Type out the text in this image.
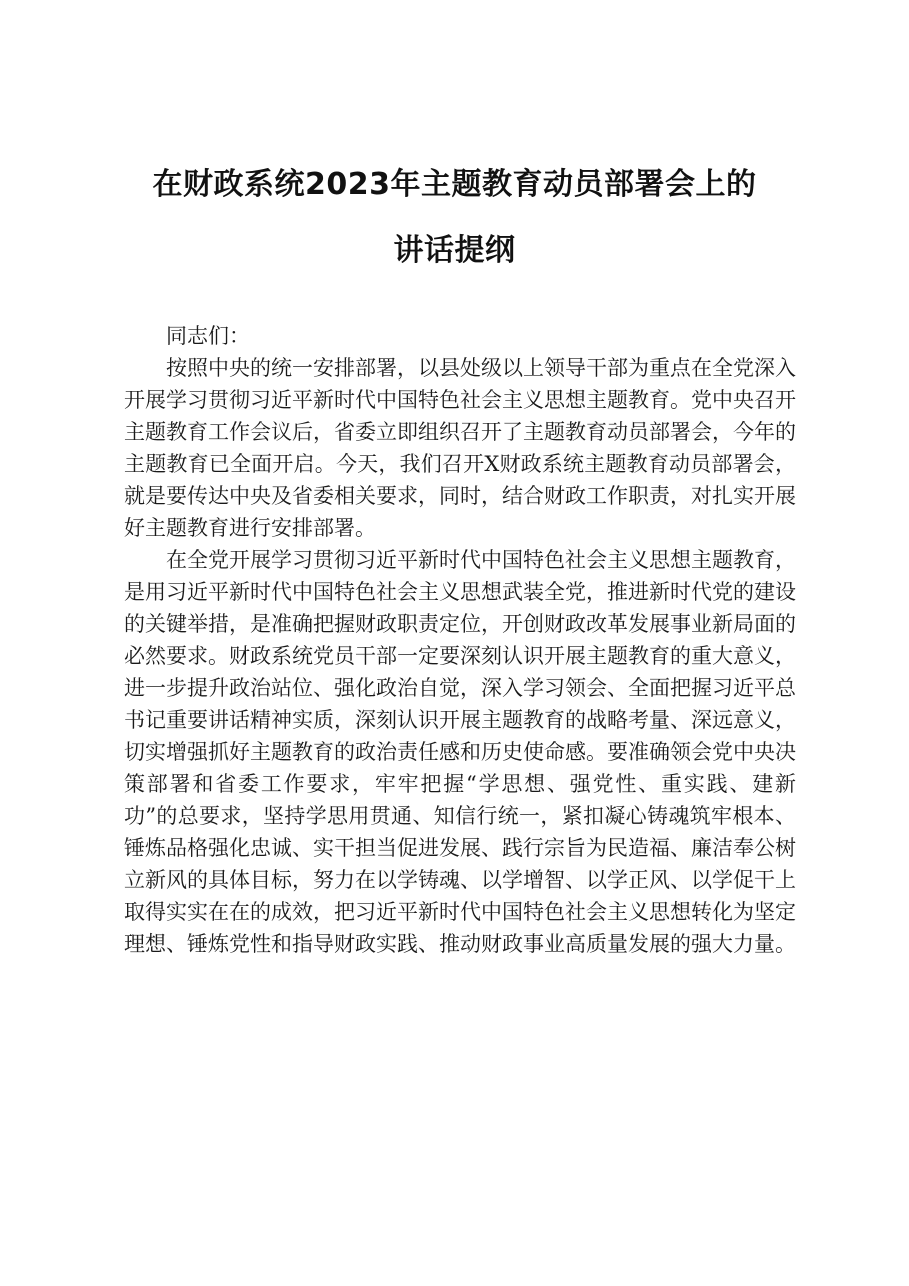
在财政系统2023年主题教育动员部署会上的
讲话提纲

同志们：

按照中央的统一安排部署，以县处级以上领导干部为重点在全党深入开展学习贯彻习近平新时代中国特色社会主义思想主题教育。党中央召开主题教育工作会议后，省委立即组织召开了主题教育动员部署会，今年的主题教育已全面开启。今天，我们召开X财政系统主题教育动员部署会，就是要传达中央及省委相关要求，同时，结合财政工作职责，对扎实开展好主题教育进行安排部署。

在全党开展学习贯彻习近平新时代中国特色社会主义思想主题教育，是用习近平新时代中国特色社会主义思想武装全党，推进新时代党的建设的关键举措，是准确把握财政职责定位，开创财政改革发展事业新局面的必然要求。财政系统党员干部一定要深刻认识开展主题教育的重大意义，进一步提升政治站位、强化政治自觉，深入学习领会、全面把握习近平总书记重要讲话精神实质，深刻认识开展主题教育的战略考量、深远意义，切实增强抓好主题教育的政治责任感和历史使命感。要准确领会党中央决策部署和省委工作要求，牢牢把握“学思想、强党性、重实践、建新功”的总要求，坚持学思用贯通、知信行统一，紧扣凝心铸魂筑牢根本、锤炼品格强化忠诚、实干担当促进发展、践行宗旨为民造福、廉洁奉公树立新风的具体目标，努力在以学铸魂、以学增智、以学正风、以学促干上取得实实在在的成效，把习近平新时代中国特色社会主义思想转化为坚定理想、锤炼党性和指导财政实践、推动财政事业高质量发展的强大力量。
